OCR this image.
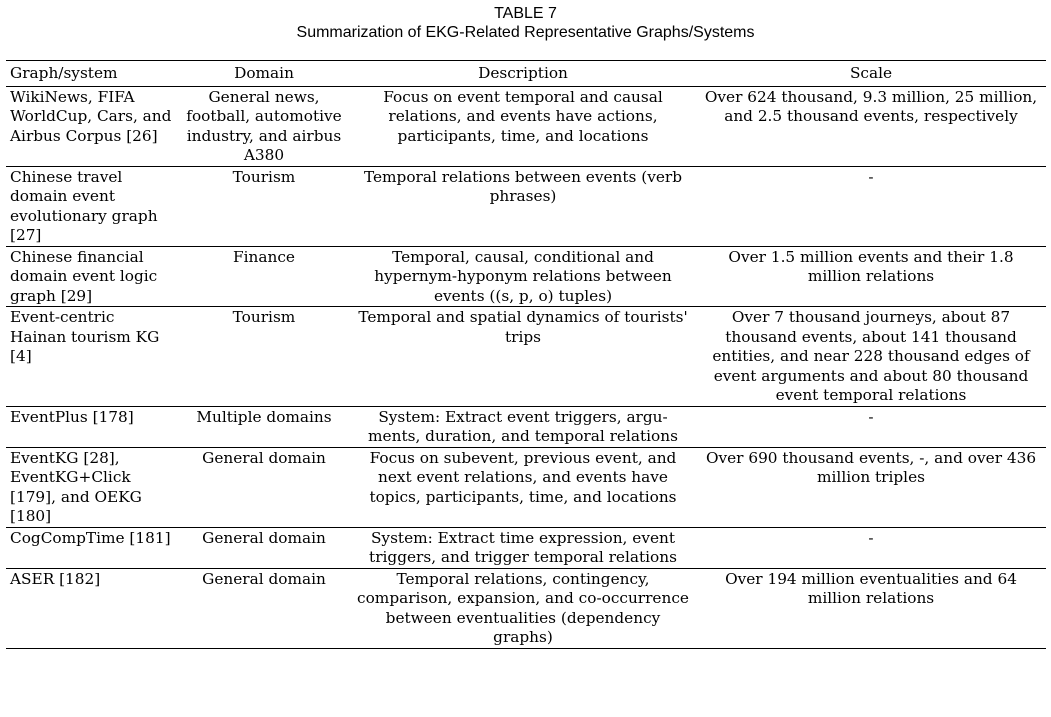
TABLE 7
Summarization of EKG-Related Representative Graphs/Systems
Graph/system	Domain	Description	Scale
WikiNews, FIFA WorldCup, Cars, and Airbus Corpus [26]	General news, football, automotive industry, and airbus A380	Focus on event temporal and causal relations, and events have actions, participants, time, and locations	Over 624 thousand, 9.3 million, 25 million, and 2.5 thousand events, respectively
Chinese travel domain event evolutionary graph [27]	Tourism	Temporal relations between events (verb phrases)	-
Chinese financial domain event logic graph [29]	Finance	Temporal, causal, conditional and hypernym-hyponym relations between events ((s, p, o) tuples)	Over 1.5 million events and their 1.8 million relations
Event-centric Hainan tourism KG [4]	Tourism	Temporal and spatial dynamics of tourists' trips	Over 7 thousand journeys, about 87 thousand events, about 141 thousand entities, and near 228 thousand edges of event arguments and about 80 thousand event temporal relations
EventPlus [178]	Multiple domains	System: Extract event triggers, argu-ments, duration, and temporal relations	-
EventKG [28], EventKG+Click [179], and OEKG [180]	General domain	Focus on subevent, previous event, and next event relations, and events have topics, participants, time, and locations	Over 690 thousand events, -, and over 436 million triples
CogCompTime [181]	General domain	System: Extract time expression, event triggers, and trigger temporal relations	-
ASER [182]	General domain	Temporal relations, contingency, comparison, expansion, and co-occurrence between eventualities (dependency graphs)	Over 194 million eventualities and 64 million relations
